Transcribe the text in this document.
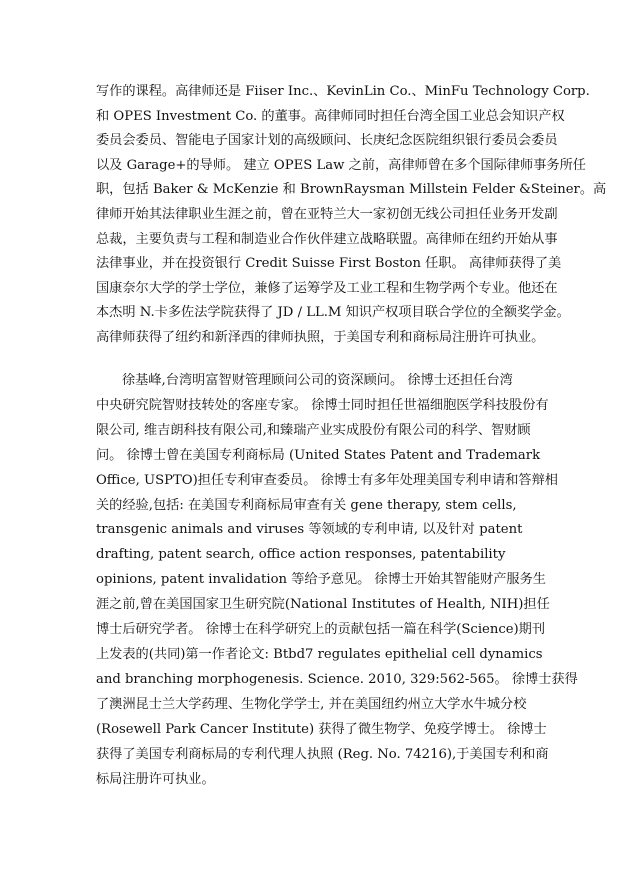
写作的课程。高律师还是 Fiiser Inc.、KevinLin Co.、MinFu Technology Corp.
和 OPES Investment Co. 的董事。高律师同时担任台湾全国工业总会知识产权
委员会委员、智能电子国家计划的高级顾问、长庚纪念医院组织银行委员会委员
以及 Garage+的导师。 建立 OPES Law 之前，高律师曾在多个国际律师事务所任
职，包括 Baker & McKenzie 和 BrownRaysman Millstein Felder &Steiner。高
律师开始其法律职业生涯之前，曾在亚特兰大一家初创无线公司担任业务开发副
总裁，主要负责与工程和制造业合作伙伴建立战略联盟。高律师在纽约开始从事
法律事业，并在投资银行 Credit Suisse First Boston 任职。 高律师获得了美
国康奈尔大学的学士学位，兼修了运筹学及工业工程和生物学两个专业。他还在
本杰明 N.卡多佐法学院获得了 JD / LL.M 知识产权项目联合学位的全额奖学金。
高律师获得了纽约和新泽西的律师执照，于美国专利和商标局注册许可执业。
徐基峰,台湾明富智财管理顾问公司的资深顾问。 徐博士还担任台湾
中央研究院智财技转处的客座专家。 徐博士同时担任世福细胞医学科技股份有
限公司, 维吉朗科技有限公司,和臻瑞产业实成股份有限公司的科学、智财顾
问。 徐博士曾在美国专利商标局 (United States Patent and Trademark
Office, USPTO)担任专利审查委员。 徐博士有多年处理美国专利申请和答辩相
关的经验,包括: 在美国专利商标局审查有关 gene therapy, stem cells,
transgenic animals and viruses 等领域的专利申请, 以及针对 patent
drafting, patent search, office action responses, patentability
opinions, patent invalidation 等给予意见。 徐博士开始其智能财产服务生
涯之前,曾在美国国家卫生研究院(National Institutes of Health, NIH)担任
博士后研究学者。 徐博士在科学研究上的贡献包括一篇在科学(Science)期刊
上发表的(共同)第一作者论文: Btbd7 regulates epithelial cell dynamics
and branching morphogenesis. Science. 2010, 329:562-565。 徐博士获得
了澳洲昆士兰大学药理、生物化学学士, 并在美国纽约州立大学水牛城分校
(Rosewell Park Cancer Institute) 获得了微生物学、免疫学博士。 徐博士
获得了美国专利商标局的专利代理人执照 (Reg. No. 74216),于美国专利和商
标局注册许可执业。
